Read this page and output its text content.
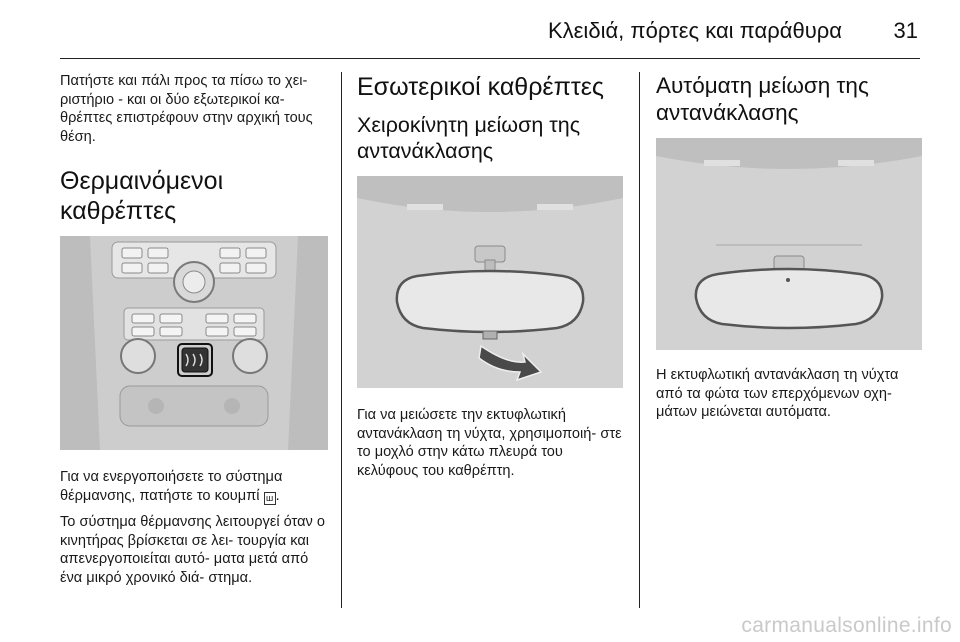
Κλειδιά, πόρτες και παράθυρα 31

Πατήστε και πάλι προς τα πίσω το χει- ριστήριο - και οι δύο εξωτερικοί κα- θρέπτες επιστρέφουν στην αρχική τους θέση.

Θερμαινόμενοι καθρέπτες

Για να ενεργοποιήσετε το σύστημα θέρμανσης, πατήστε το κουμπί ш .

Το σύστημα θέρμανσης λειτουργεί όταν ο κινητήρας βρίσκεται σε λει- τουργία και απενεργοποιείται αυτό- ματα μετά από ένα μικρό χρονικό διά- στημα.

Εσωτερικοί καθρέπτες
Χειροκίνητη μείωση της αντανάκλασης

Για να μειώσετε την εκτυφλωτική αντανάκλαση τη νύχτα, χρησιμοποιή- στε το μοχλό στην κάτω πλευρά του κελύφους του καθρέπτη.

Αυτόματη μείωση της αντανάκλασης

Η εκτυφλωτική αντανάκλαση τη νύχτα από τα φώτα των επερχόμενων οχη- μάτων μειώνεται αυτόματα.

carmanualsonline.info
